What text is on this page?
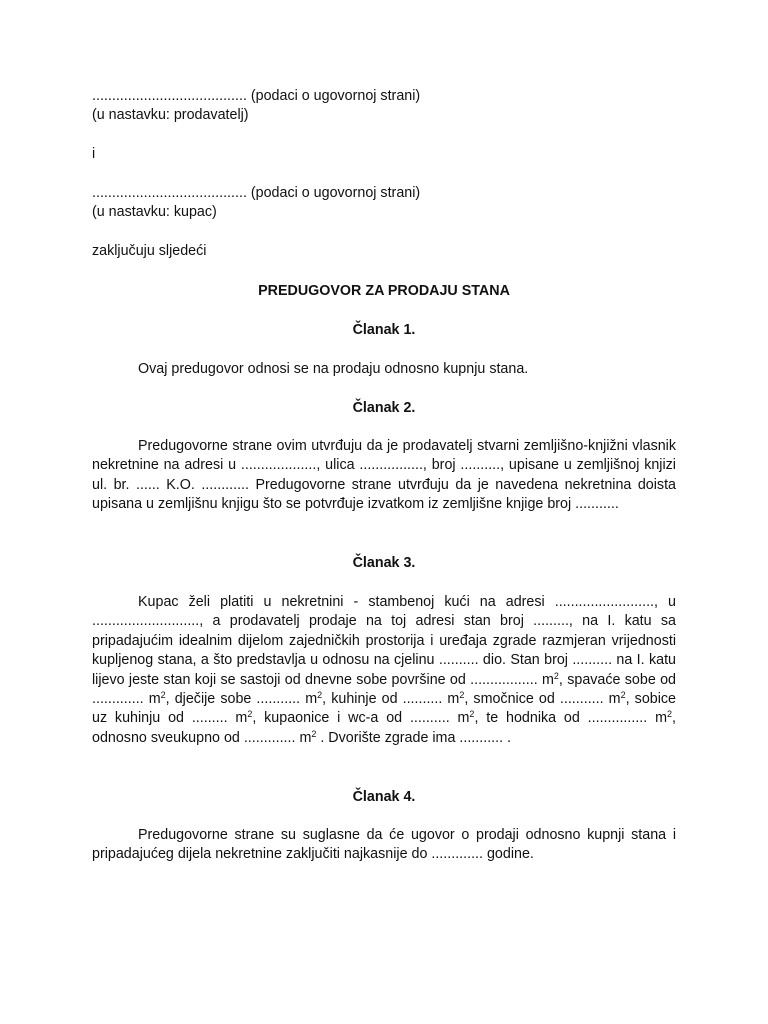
....................................... (podaci o ugovornoj strani)
(u nastavku: prodavatelj)
i
....................................... (podaci o ugovornoj strani)
(u nastavku: kupac)
zaključuju sljedeći
PREDUGOVOR ZA PRODAJU STANA
Članak 1.

Ovaj predugovor odnosi se na prodaju odnosno kupnju stana.

Članak 2.

Predugovorne strane ovim utvrđuju da je prodavatelj stvarni zemljišno-knjižni vlasnik nekretnine na adresi u ..................., ulica ................, broj .........., upisane u zemljišnoj knjizi ul. br. ...... K.O. ............ Predugovorne strane utvrđuju da je navedena nekretnina doista upisana u zemljišnu knjigu što se potvrđuje izvatkom iz zemljišne knjige broj ...........

Članak 3.

Kupac želi platiti u nekretnini - stambenoj kući na adresi ........................., u ..........................., a prodavatelj prodaje na toj adresi stan broj ........., na I. katu sa pripadajućim idealnim dijelom zajedničkih prostorija i uređaja zgrade razmjeran vrijednosti kupljenog stana, a što predstavlja u odnosu na cjelinu .......... dio. Stan broj .......... na I. katu lijevo jeste stan koji se sastoji od dnevne sobe površine od ................. $m^2$, spavaće sobe od ............. $m^2$, dječije sobe ........... $m^2$, kuhinje od .......... $m^2$, smočnice od ........... $m^2$, sobice uz kuhinju od ......... $m^2$, kupaonice i wc-a od .......... $m^2$, te hodnika od ............... $m^2$, odnosno sveukupno od ............. $m^2$ . Dvorište zgrade ima ........... .

Članak 4.

Predugovorne strane su suglasne da će ugovor o prodaji odnosno kupnji stana i pripadajućeg dijela nekretnine zaključiti najkasnije do ............. godine.
